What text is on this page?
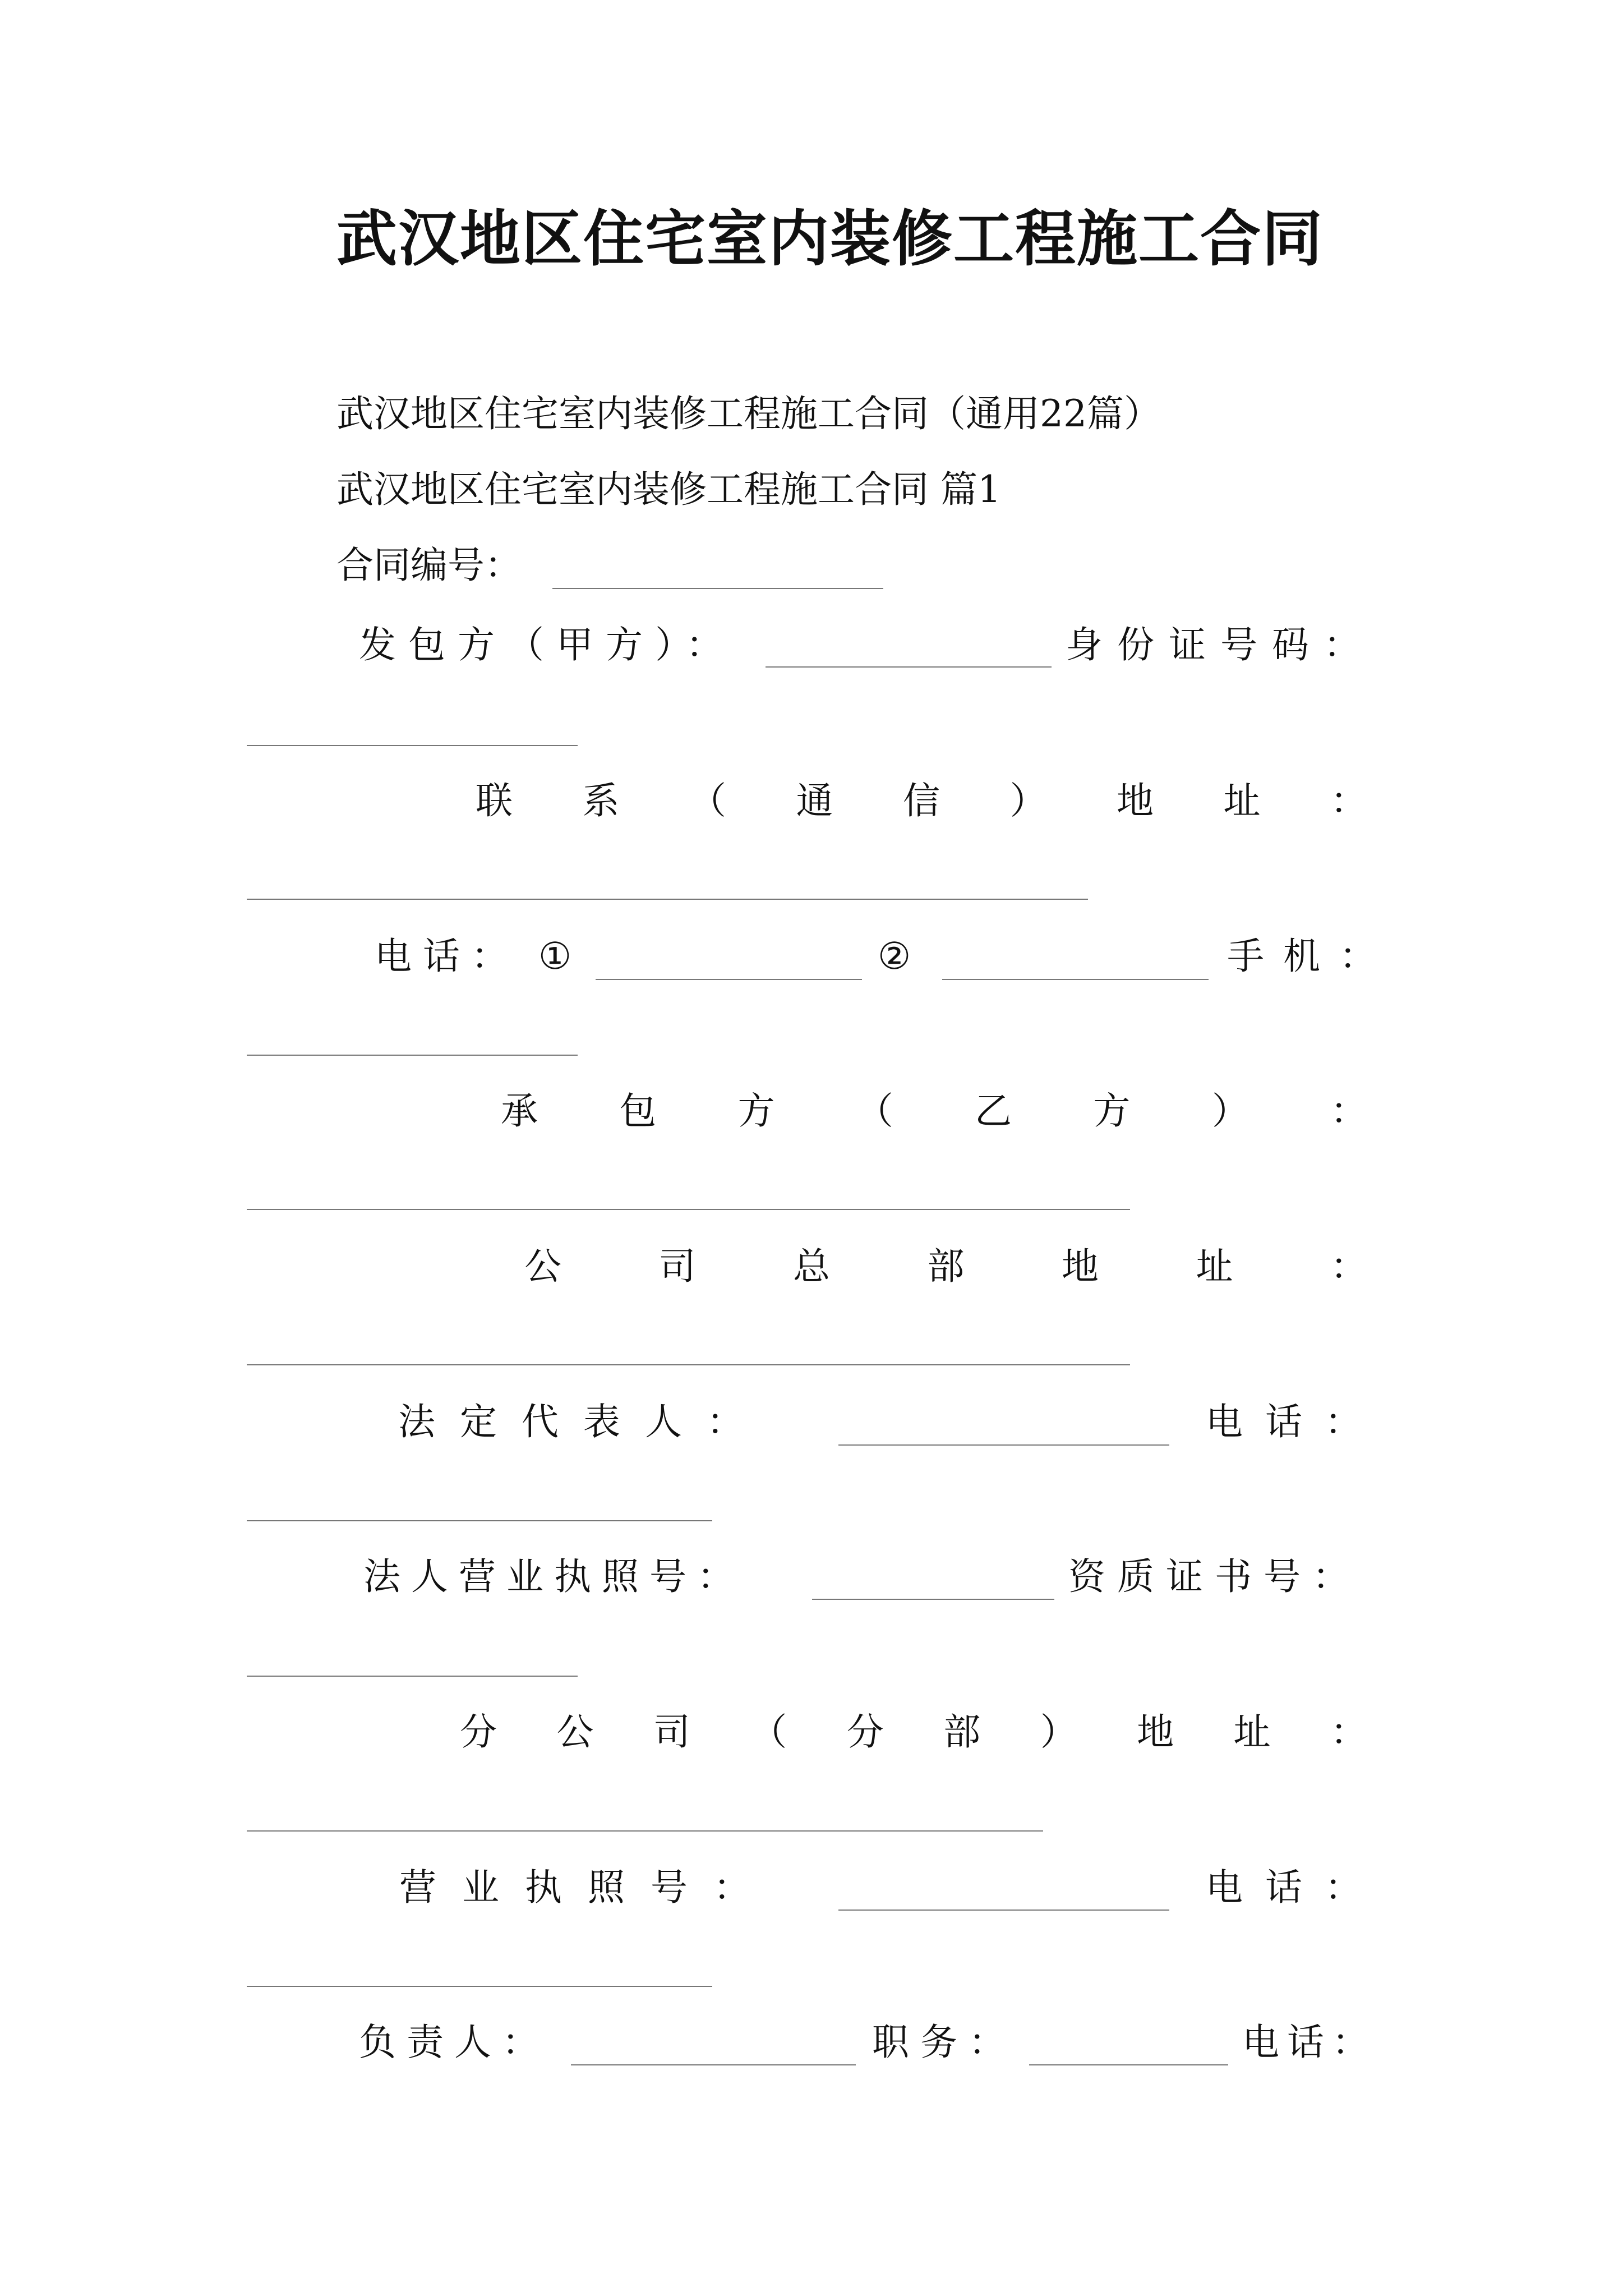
武汉地区住宅室内装修工程施工合同
武汉地区住宅室内装修工程施工合同（通用22篇）
武汉地区住宅室内装修工程施工合同 篇1
合同编号：
发包方（甲方）：	身份证号码：
联 系 （ 通 信 ） 地 址 ：
电话： ①	②	手机：
承 包 方 （ 乙 方 ） ：
公	司	总	部	地	址	：
法定代表人：	电话：
法人营业执照号：	资质证书号：
分 公 司 （ 分 部 ） 地 址 ：
营业执照号：	电话：
负责人：	职务：	电话：
